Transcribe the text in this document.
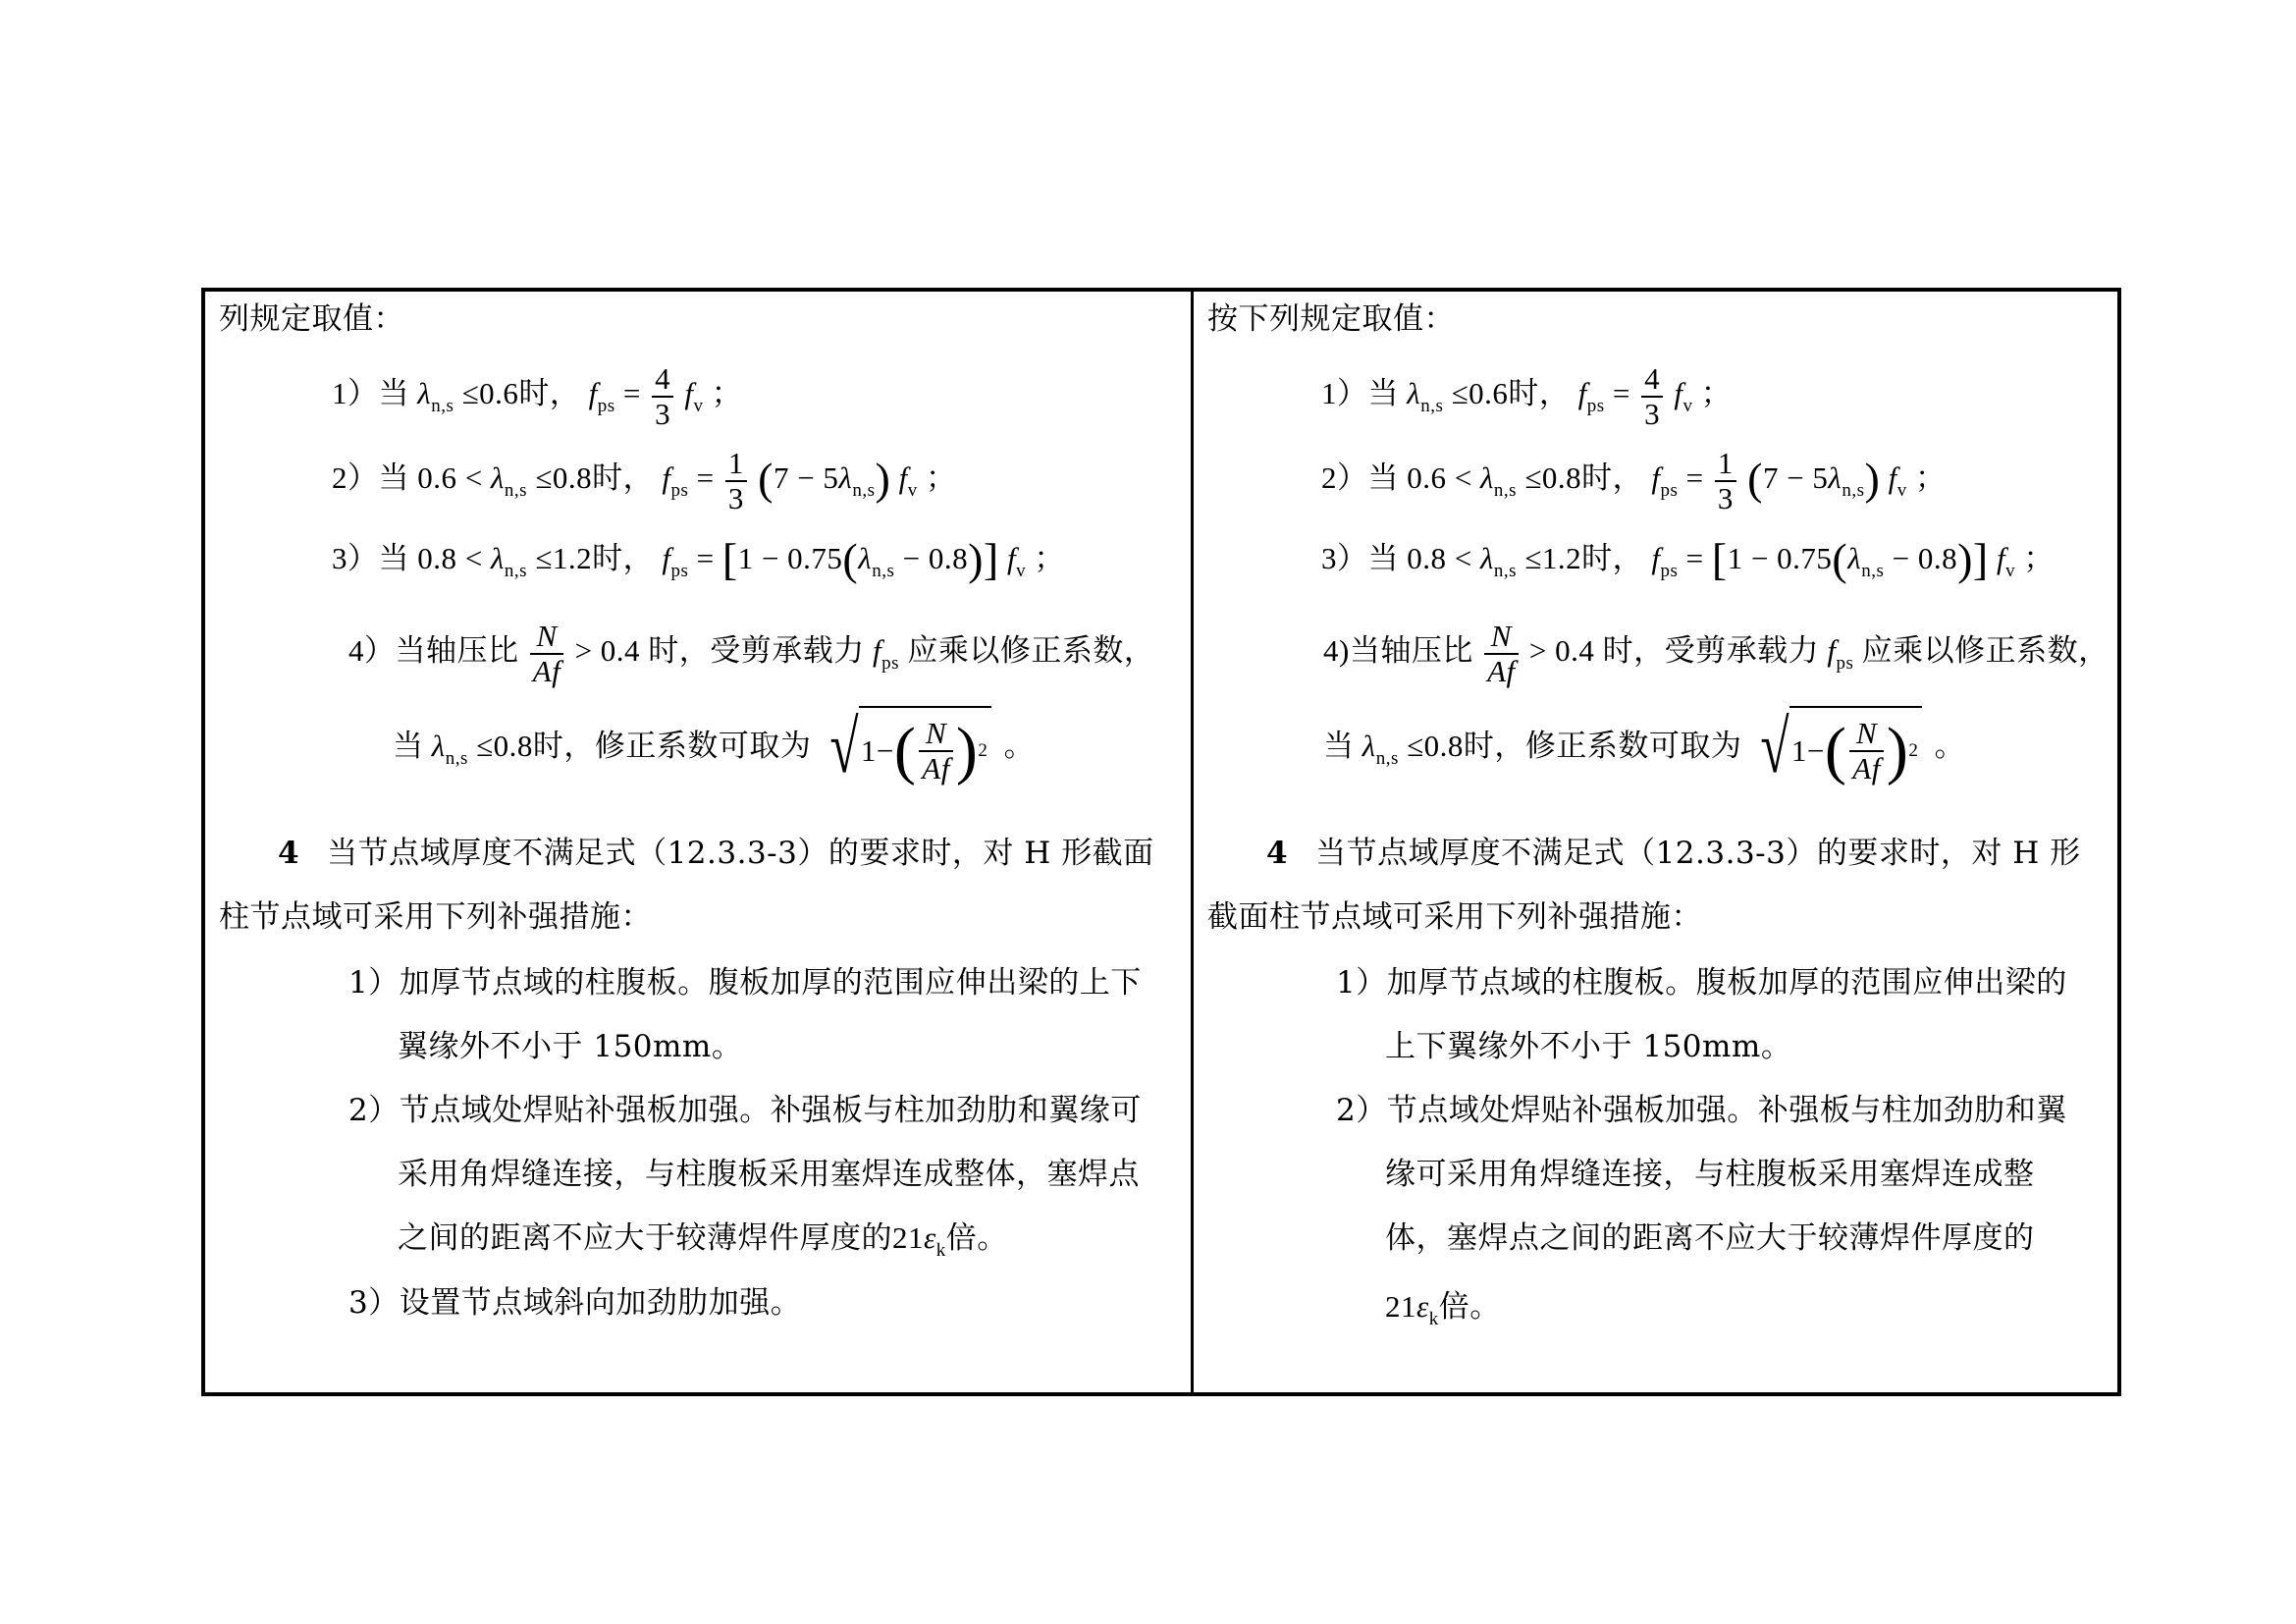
列规定取值：
1）当 $\lambda_{n,s} \le 0.6$时， $f_{ps} = \frac{4}{3} f_v$ ；
2）当 $0.6 < \lambda_{n,s} \le 0.8$时， $f_{ps} = \frac{1}{3} (7 - 5\lambda_{n,s})$ $f_v$ ；
3）当 $0.8 < \lambda_{n,s} \le 1.2$时， $f_{ps} = [1 - 0.75(\lambda_{n,s} - 0.8)]$ $f_v$ ；
4）当轴压比 $\frac{N}{Af} > 0.4$ 时，受剪承载力 $f_{ps}$ 应乘以修正系数，
当 $\lambda_{n,s} \le 0.8$时，修正系数可取为 √ 1− ( $\frac{N}{Af}$ ) 2 。
4 当节点域厚度不满足式（12.3.3-3）的要求时，对 H 形截面
柱节点域可采用下列补强措施：
1）加厚节点域的柱腹板。腹板加厚的范围应伸出梁的上下
翼缘外不小于 150mm。
2）节点域处焊贴补强板加强。补强板与柱加劲肋和翼缘可
采用角焊缝连接，与柱腹板采用塞焊连成整体，塞焊点
之间的距离不应大于较薄焊件厚度的$21\varepsilon_k$倍。
3）设置节点域斜向加劲肋加强。
按下列规定取值：
1）当 $\lambda_{n,s} \le 0.6$时， $f_{ps} = \frac{4}{3} f_v$ ；
2）当 $0.6 < \lambda_{n,s} \le 0.8$时， $f_{ps} = \frac{1}{3} (7 - 5\lambda_{n,s})$ $f_v$ ；
3）当 $0.8 < \lambda_{n,s} \le 1.2$时， $f_{ps} = [1 - 0.75(\lambda_{n,s} - 0.8)]$ $f_v$ ；
4)当轴压比 $\frac{N}{Af} > 0.4$ 时，受剪承载力 $f_{ps}$ 应乘以修正系数，
当 $\lambda_{n,s} \le 0.8$时，修正系数可取为 √ 1− ( $\frac{N}{Af}$ ) 2 。
4 当节点域厚度不满足式（12.3.3-3）的要求时，对 H 形
截面柱节点域可采用下列补强措施：
1）加厚节点域的柱腹板。腹板加厚的范围应伸出梁的
上下翼缘外不小于 150mm。
2）节点域处焊贴补强板加强。补强板与柱加劲肋和翼
缘可采用角焊缝连接，与柱腹板采用塞焊连成整
体，塞焊点之间的距离不应大于较薄焊件厚度的
$21\varepsilon_k$倍。
